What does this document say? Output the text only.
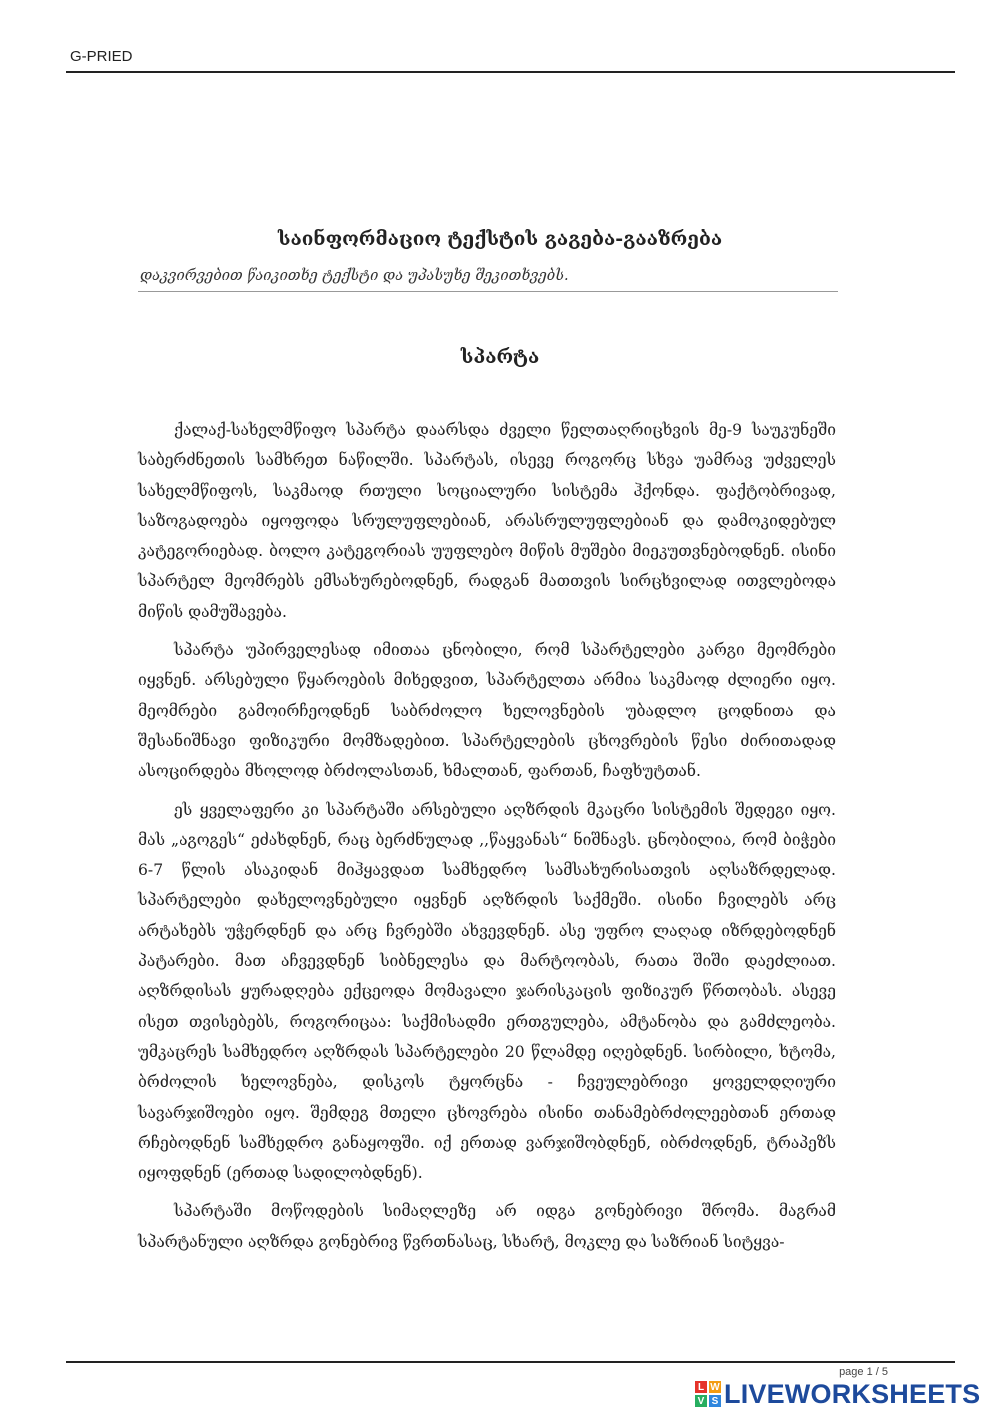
G-PRIED
საინფორმაციო ტექსტის გაგება-გააზრება
დაკვირვებით წაიკითხე ტექსტი და უპასუხე შეკითხვებს.
სპარტა

ქალაქ-სახელმწიფო სპარტა დაარსდა ძველი წელთაღრიცხვის მე-9 საუკუნეში საბერძნეთის სამხრეთ ნაწილში. სპარტას, ისევე როგორც სხვა უამრავ უძველეს სახელმწიფოს, საკმაოდ რთული სოციალური სისტემა ჰქონდა. ფაქტობრივად, საზოგადოება იყოფოდა სრულუფლებიან, არასრულუფლებიან და დამოკიდებულ კატეგორიებად. ბოლო კატეგორიას უუფლებო მიწის მუშები მიეკუთვნებოდნენ. ისინი სპარტელ მეომრებს ემსახურებოდნენ, რადგან მათთვის სირცხვილად ითვლებოდა მიწის დამუშავება.

სპარტა უპირველესად იმითაა ცნობილი, რომ სპარტელები კარგი მეომრები იყვნენ. არსებული წყაროების მიხედვით, სპარტელთა არმია საკმაოდ ძლიერი იყო. მეომრები გამოირჩეოდნენ საბრძოლო ხელოვნების უბადლო ცოდნითა და შესანიშნავი ფიზიკური მომზადებით. სპარტელების ცხოვრების წესი ძირითადად ასოცირდება მხოლოდ ბრძოლასთან, ხმალთან, ფართან, ჩაფხუტთან.

ეს ყველაფერი კი სპარტაში არსებული აღზრდის მკაცრი სისტემის შედეგი იყო. მას „აგოგეს“ ეძახდნენ, რაც ბერძნულად ,,წაყვანას“ ნიშნავს. ცნობილია, რომ ბიჭები 6-7 წლის ასაკიდან მიჰყავდათ სამხედრო სამსახურისათვის აღსაზრდელად. სპარტელები დახელოვნებული იყვნენ აღზრდის საქმეში. ისინი ჩვილებს არც არტახებს უჭერდნენ და არც ჩვრებში ახვევდნენ. ასე უფრო ლაღად იზრდებოდნენ პატარები. მათ აჩვევდნენ სიბნელესა და მარტოობას, რათა შიში დაეძლიათ. აღზრდისას ყურადღება ექცეოდა მომავალი ჯარისკაცის ფიზიკურ წრთობას. ასევე ისეთ თვისებებს, როგორიცაა: საქმისადმი ერთგულება, ამტანობა და გამძლეობა. უმკაცრეს სამხედრო აღზრდას სპარტელები 20 წლამდე იღებდნენ. სირბილი, ხტომა, ბრძოლის ხელოვნება, დისკოს ტყორცნა - ჩვეულებრივი ყოველდღიური სავარჯიშოები იყო. შემდეგ მთელი ცხოვრება ისინი თანამებრძოლეებთან ერთად რჩებოდნენ სამხედრო განაყოფში. იქ ერთად ვარჯიშობდნენ, იბრძოდნენ, ტრაპეზს იყოფდნენ (ერთად სადილობდნენ).

სპარტაში მოწოდების სიმაღლეზე არ იდგა გონებრივი შრომა. მაგრამ სპარტანული აღზრდა გონებრივ წვრთნასაც, სხარტ, მოკლე და საზრიან სიტყვა-

page 1 / 5
L W
V S LIVEWORKSHEETS
